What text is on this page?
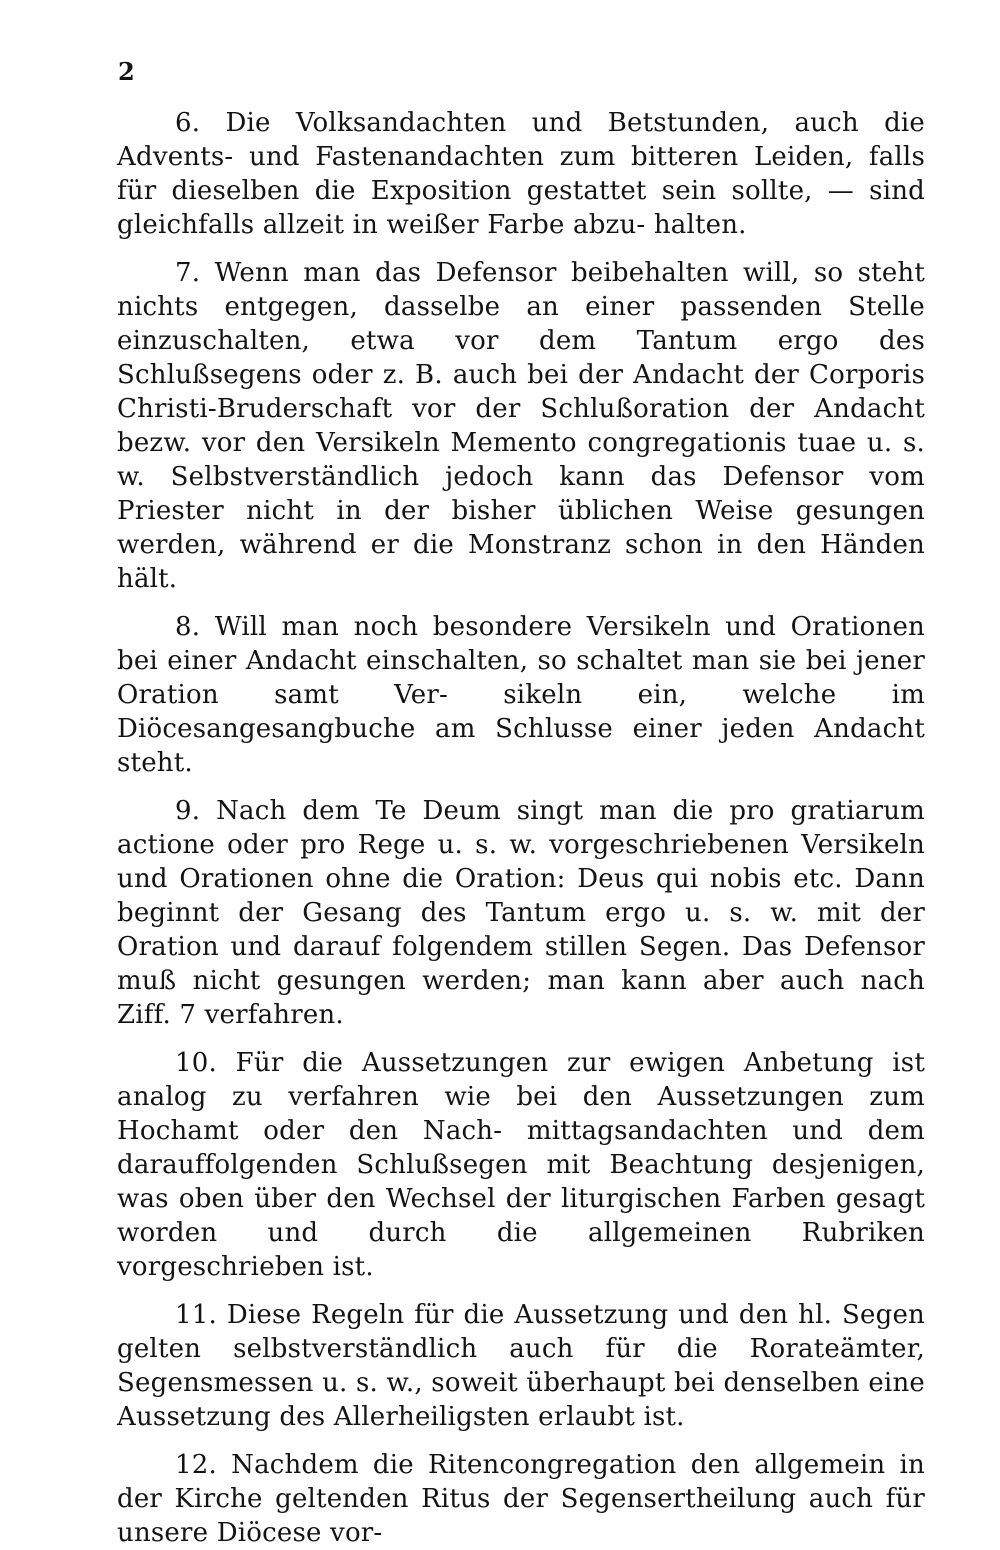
2

6. Die Volksandachten und Betstunden, auch die Advents- und Fastenandachten zum bitteren Leiden, falls für dieselben die Exposition gestattet sein sollte, — sind gleichfalls allzeit in weißer Farbe abzu- halten.

7. Wenn man das Defensor beibehalten will, so steht nichts entgegen, dasselbe an einer passenden Stelle einzuschalten, etwa vor dem Tantum ergo des Schlußsegens oder z. B. auch bei der Andacht der Corporis Christi-Bruderschaft vor der Schlußoration der Andacht bezw. vor den Versikeln Memento congregationis tuae u. s. w. Selbstverständlich jedoch kann das Defensor vom Priester nicht in der bisher üblichen Weise gesungen werden, während er die Monstranz schon in den Händen hält.

8. Will man noch besondere Versikeln und Orationen bei einer Andacht einschalten, so schaltet man sie bei jener Oration samt Ver- sikeln ein, welche im Diöcesangesangbuche am Schlusse einer jeden Andacht steht.

9. Nach dem Te Deum singt man die pro gratiarum actione oder pro Rege u. s. w. vorgeschriebenen Versikeln und Orationen ohne die Oration: Deus qui nobis etc. Dann beginnt der Gesang des Tantum ergo u. s. w. mit der Oration und darauf folgendem stillen Segen. Das Defensor muß nicht gesungen werden; man kann aber auch nach Ziff. 7 verfahren.

10. Für die Aussetzungen zur ewigen Anbetung ist analog zu verfahren wie bei den Aussetzungen zum Hochamt oder den Nach- mittagsandachten und dem darauffolgenden Schlußsegen mit Beachtung desjenigen, was oben über den Wechsel der liturgischen Farben gesagt worden und durch die allgemeinen Rubriken vorgeschrieben ist.

11. Diese Regeln für die Aussetzung und den hl. Segen gelten selbstverständlich auch für die Rorateämter, Segensmessen u. s. w., soweit überhaupt bei denselben eine Aussetzung des Allerheiligsten erlaubt ist.

12. Nachdem die Ritencongregation den allgemein in der Kirche geltenden Ritus der Segensertheilung auch für unsere Diöcese vor-
